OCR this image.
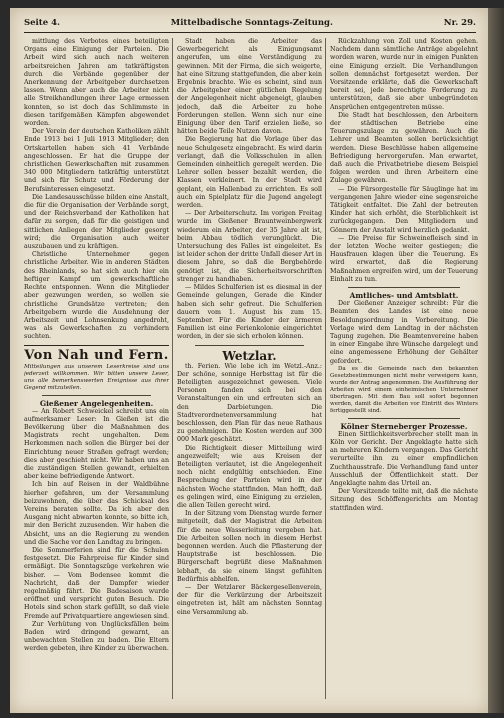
Seite 4.	Mittelbadische Sonntags-Zeitung.	Nr. 29.

mittlung des Verbotes eines beteiligten Organs eine Einigung der Parteien. Die Arbeit wird sich auch nach weiteren arbeitsreichen Jahren am tatkräftigsten durch die Verbände gegenüber der Anerkennung der Arbeitgeber durchsetzen lassen. Wenn aber auch die Arbeiter nicht alle Streikhandlungen ihrer Lage ermessen konnten, so ist doch das Schlimmste in diesen tarifgemäßen Kämpfen abgewendet worden.

Der Verein der deutschen Katholiken zählt Ende 1913 bei 1 Juli 1913 Mitglieder; den Ortskartellen haben sich 41 Verbände angeschlossen. Er hat die Gruppe der christlichen Gewerkschaften mit zusammen 340 000 Mitgliedern tatkräftig unterstützt und sich für Schutz und Förderung der Berufsinteressen eingesetzt.

Die Landesausschüsse bilden eine Anstalt, die für die Organisation der Verbände sorgt, und der Reichsverband der Katholiken hat dafür zu sorgen, daß für die geistigen und sittlichen Anliegen der Mitglieder gesorgt wird; die Organisation auch weiter auszubauen und zu kräftigen.

Christliche Unternehmer gegen christliche Arbeiter. Wie in anderen Städten des Rheinlands, so hat sich auch hier ein heftiger Kampf um gewerkschaftliche Rechte entsponnen. Wenn die Mitglieder aber gezwungen werden, so wollen sie christliche Grundsätze vertreten; den Arbeitgebern wurde die Ausdehnung der Arbeitszeit und Lohnsenkung angedroht, was als Gewerkschaften zu verhindern suchten.

Von Nah und Fern.

Mitteilungen aus unserem Leserkreise sind uns jederzeit willkommen. Wir bitten unsere Leser, uns alle bemerkenswerten Ereignisse aus ihrer Gegend mitzuteilen.

Gießener Angelegenheiten.

— An Robert Schweickel schreibt uns ein aufmerksamer Leser: In Gießen ist die Bevölkerung über die Maßnahmen des Magistrats recht ungehalten. Dem Herkommen nach sollen die Bürger bei der Einrichtung neuer Straßen gefragt werden; dies aber geschieht nicht. Wir haben uns an die zuständigen Stellen gewandt, erhielten aber keine befriedigende Antwort.

Ich bin auf Reisen in der Waldbühne hierher gefahren, um der Versammlung beizuwohnen, die über das Schicksal des Vereins beraten sollte. Da ich aber den Ausgang nicht abwarten konnte, so bitte ich, mir den Bericht zuzusenden. Wir haben die Absicht, uns an die Regierung zu wenden und die Sache vor den Landtag zu bringen.

Die Sommerferien sind für die Schulen festgesetzt. Die Fahrpreise für Kinder sind ermäßigt. Die Sonntagszüge verkehren wie bisher. — Vom Bodensee kommt die Nachricht, daß der Dampfer wieder regelmäßig fährt. Die Badesaison wurde eröffnet und verspricht guten Besuch. Die Hotels sind schon stark gefüllt, so daß viele Fremde auf Privatquartiere angewiesen sind.

Zur Verhütung von Unglücksfällen beim Baden wird dringend gewarnt, an unbewachten Stellen zu baden. Die Eltern werden gebeten, ihre Kinder zu überwachen.

Stadt haben die Arbeiter das Gewerbegericht als Einigungsamt angerufen, um eine Verständigung zu gewinnen. Mit der Firma, die sich weigerte, hat eine Sitzung stattgefunden, die aber kein Ergebnis brachte. Wie es scheint, sind nun die Arbeitgeber einer gütlichen Regelung der Angelegenheit nicht abgeneigt, glauben jedoch, daß die Arbeiter zu hohe Forderungen stellen. Wenn sich nur eine Einigung über den Tarif erzielen ließe, so hätten beide Teile Nutzen davon.

Die Regierung hat die Vorlage über das neue Schulgesetz eingebracht. Es wird darin verlangt, daß die Volksschulen in allen Gemeinden einheitlich geregelt werden. Die Lehrer sollen besser bezahlt werden, die Klassen verkleinert. In der Stadt wird geplant, ein Hallenbad zu errichten. Es soll auch ein Spielplatz für die Jugend angelegt werden.

— Der Arbeiterschutz. Im vorigen Freitag wurde im Gießener Brauntweinbergwerk wiederum ein Arbeiter, der 35 Jahre alt ist, beim Abbau tödlich verunglückt. Die Untersuchung des Falles ist eingeleitet. Es ist leider schon der dritte Unfall dieser Art in diesem Jahre, so daß die Bergbehörde genötigt ist, die Sicherheitsvorschriften strenger zu handhaben.

— Mildes Schulferien ist es diesmal in der Gemeinde gelungen, Gerade die Kinder haben sich sehr gefreut. Die Schulferien dauern vom 1. August bis zum 15. September. Für die Kinder der ärmeren Familien ist eine Ferienkolonie eingerichtet worden, in der sie sich erholen können.

Wetzlar.

th. Ferien. Wie lebe ich im Wetzl.-Anz.: Der schöne, sonnige Herbsttag ist für die Beteiligten ausgezeichnet gewesen. Viele Personen fanden sich bei den Veranstaltungen ein und erfreuten sich an den Darbietungen. Die Stadtverordnetenversammlung hat beschlossen, den Plan für das neue Rathaus zu genehmigen. Die Kosten werden auf 300 000 Mark geschätzt.

Die Richtigkeit dieser Mitteilung wird angezweifelt; wie aus Kreisen der Beteiligten verlautet, ist die Angelegenheit noch nicht endgültig entschieden. Eine Besprechung der Parteien wird in der nächsten Woche stattfinden. Man hofft, daß es gelingen wird, eine Einigung zu erzielen, die allen Teilen gerecht wird.

In der Sitzung vom Dienstag wurde ferner mitgeteilt, daß der Magistrat die Arbeiten für die neue Wasserleitung vergeben hat. Die Arbeiten sollen noch in diesem Herbst begonnen werden. Auch die Pflasterung der Hauptstraße ist beschlossen. Die Bürgerschaft begrüßt diese Maßnahmen lebhaft, da sie einem längst gefühlten Bedürfnis abhelfen.

— Der Wetzlarer Bäckergesellenverein, der für die Verkürzung der Arbeitszeit eingetreten ist, hält am nächsten Sonntag eine Versammlung ab.

Rückzahlung von Zoll und Kosten gehen. Nachdem dann sämtliche Anträge abgelehnt worden waren, wurde nur in einigen Punkten eine Einigung erzielt. Die Verhandlungen sollen demnächst fortgesetzt werden. Der Vorsitzende erklärte, daß die Gewerkschaft bereit sei, jede berechtigte Forderung zu unterstützen, daß sie aber unbegründeten Ansprüchen entgegentreten müsse.

Die Stadt hat beschlossen, den Arbeitern der städtischen Betriebe eine Teuerungszulage zu gewähren. Auch die Lehrer und Beamten sollen berücksichtigt werden. Diese Beschlüsse haben allgemeine Befriedigung hervorgerufen. Man erwartet, daß auch die Privatbetriebe diesem Beispiel folgen werden und ihren Arbeitern eine Zulage gewähren.

— Die Fürsorgestelle für Säuglinge hat im vergangenen Jahre wieder eine segensreiche Tätigkeit entfaltet. Die Zahl der betreuten Kinder hat sich erhöht, die Sterblichkeit ist zurückgegangen. Den Mitgliedern und Gönnern der Anstalt wird herzlich gedankt.

— Die Preise für Schweinefleisch sind in der letzten Woche weiter gestiegen; die Hausfrauen klagen über die Teuerung. Es wird erwartet, daß die Regierung Maßnahmen ergreifen wird, um der Teuerung Einhalt zu tun.

Amtliches- und Amtsblatt.

Der Gießener Anzeiger schreibt: Für die Beamten des Landes ist eine neue Besoldungsordnung in Vorbereitung. Die Vorlage wird dem Landtag in der nächsten Tagung zugehen. Die Beamtenvereine haben in einer Eingabe ihre Wünsche dargelegt und eine angemessene Erhöhung der Gehälter gefordert.

Da es die Gemeinde nach den bekannten Gesetzbestimmungen nicht mehr verweigern kann, wurde der Antrag angenommen. Die Ausführung der Arbeiten wird einem einheimischen Unternehmer übertragen. Mit dem Bau soll sofort begonnen werden, damit die Arbeiten vor Eintritt des Winters fertiggestellt sind.

Kölner Sterneberger Prozesse.

Einen Sittlichkeitsverbrecher stellt man in Köln vor Gericht. Der Angeklagte hatte sich an mehreren Kindern vergangen. Das Gericht verurteilte ihn zu einer empfindlichen Zuchthausstrafe. Die Verhandlung fand unter Ausschluß der Öffentlichkeit statt. Der Angeklagte nahm das Urteil an.

Der Vorsitzende teilte mit, daß die nächste Sitzung des Schöffengerichts am Montag stattfinden wird.
